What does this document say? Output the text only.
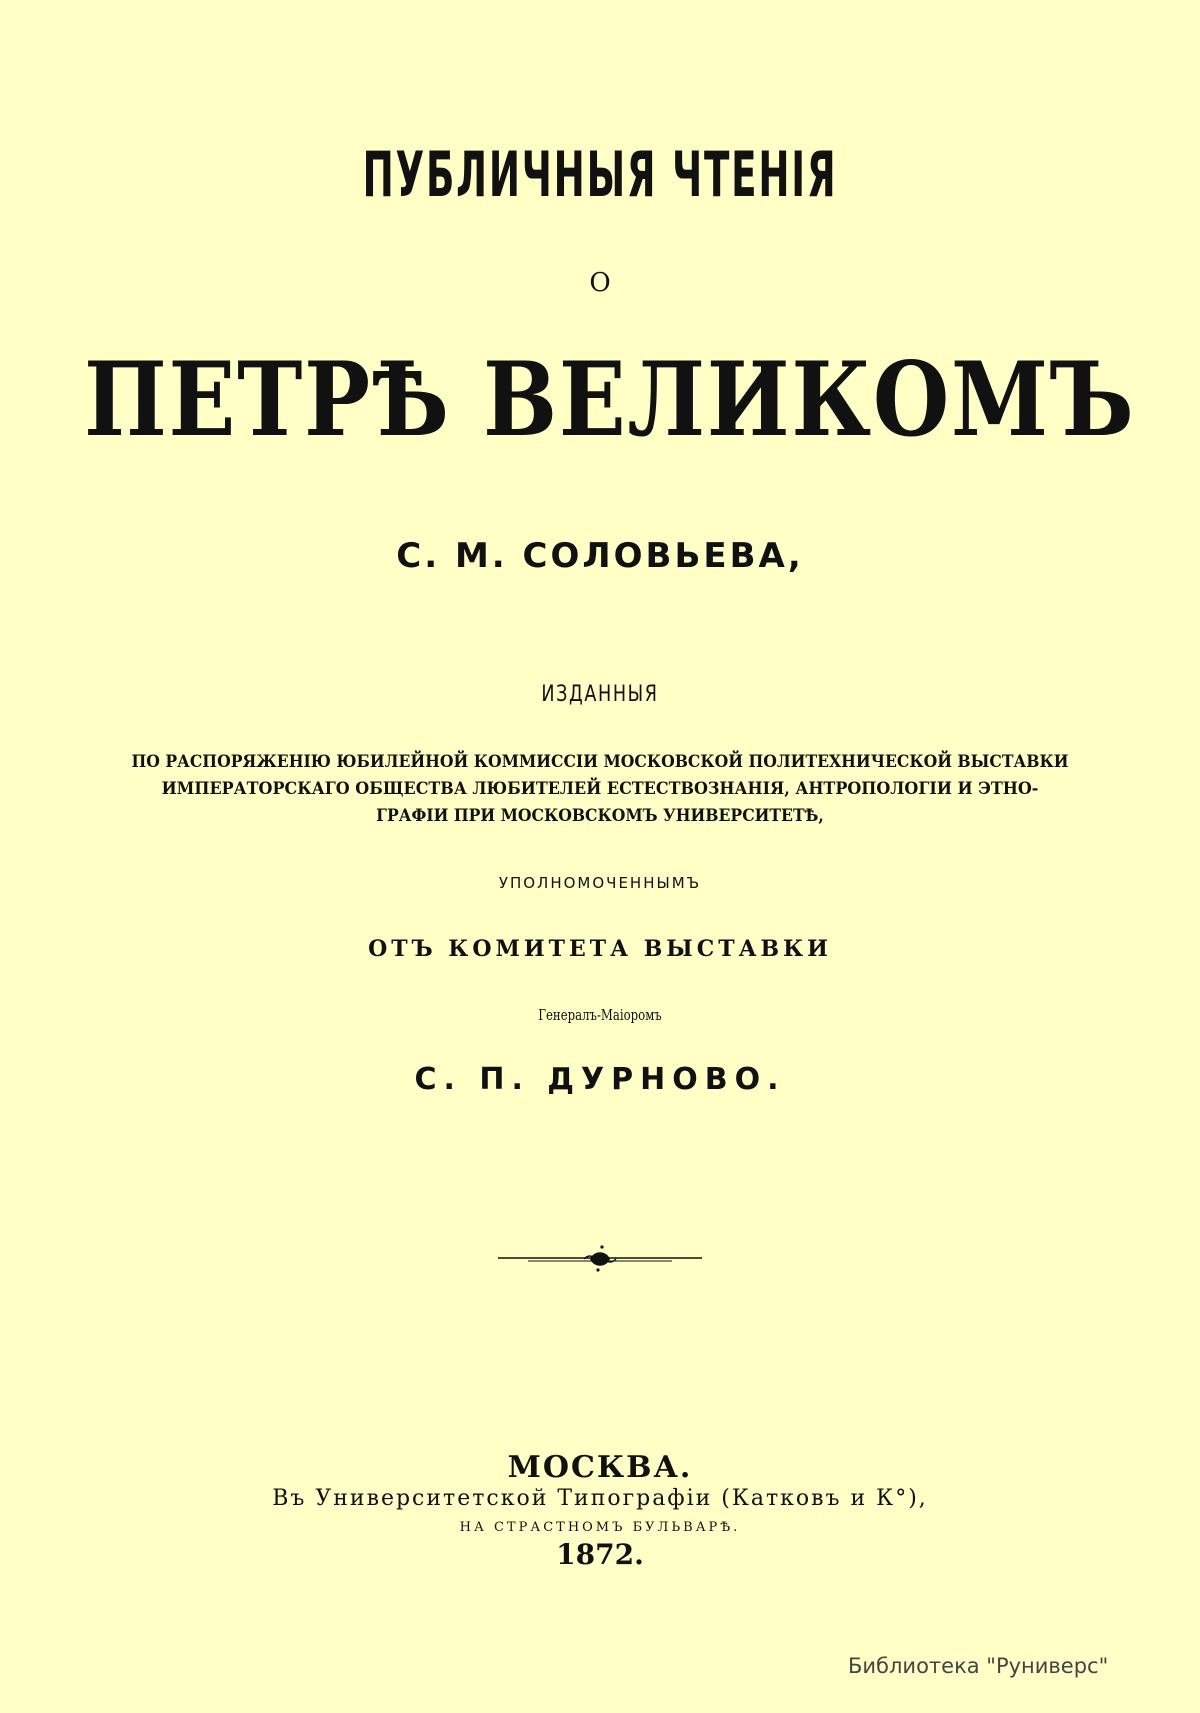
ПУБЛИЧНЫЯ ЧТЕНІЯ
О
ПЕТРѢ ВЕЛИКОМЪ
С. М. СОЛОВЬЕВА,
ИЗДАННЫЯ
ПО РАСПОРЯЖЕНІЮ ЮБИЛЕЙНОЙ КОММИССІИ МОСКОВСКОЙ ПОЛИТЕХНИЧЕСКОЙ ВЫСТАВКИ
ИМПЕРАТОРСКАГО ОБЩЕСТВА ЛЮБИТЕЛЕЙ ЕСТЕСТВОЗНАНІЯ, АНТРОПОЛОГІИ И ЭТНО-
ГРАФІИ ПРИ МОСКОВСКОМЪ УНИВЕРСИТЕТѢ,
УПОЛНОМОЧЕННЫМЪ
ОТЪ КОМИТЕТА ВЫСТАВКИ
Генералъ-Маіоромъ
С. П. ДУРНОВО.
МОСКВА.
Въ Университетской Типографіи (Катковъ и К°),
НА СТРАСТНОМЪ БУЛЬВАРѢ.
1872.
Библиотека "Руниверс"
